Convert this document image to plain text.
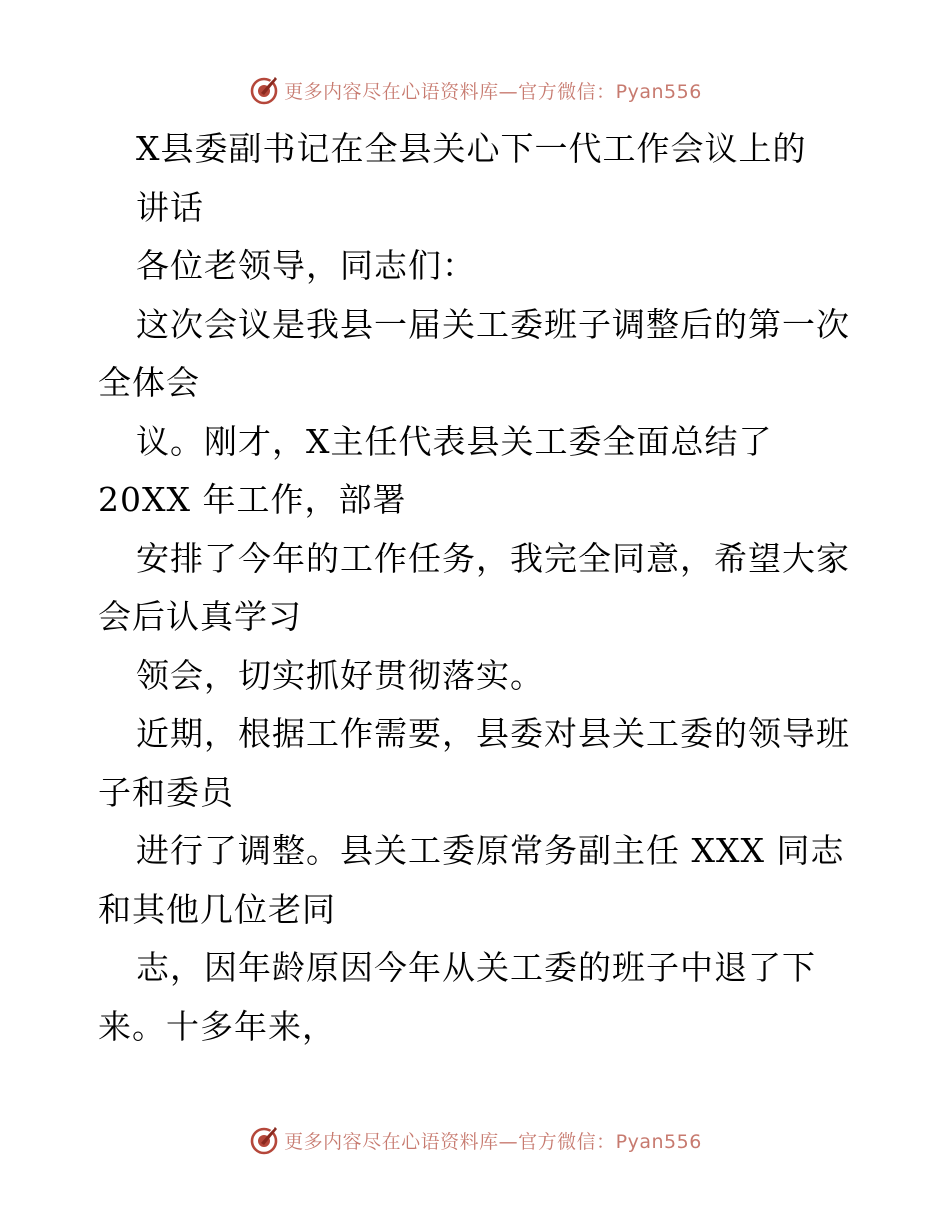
更多内容尽在心语资料库—官方微信：Pyan556
X县委副书记在全县关心下一代工作会议上的
讲话
各位老领导，同志们：
这次会议是我县一届关工委班子调整后的第一次
全体会
议。刚才，X主任代表县关工委全面总结了
20XX 年工作，部署
安排了今年的工作任务，我完全同意，希望大家
会后认真学习
领会，切实抓好贯彻落实。
近期，根据工作需要，县委对县关工委的领导班
子和委员
进行了调整。县关工委原常务副主任 XXX 同志
和其他几位老同
志，因年龄原因今年从关工委的班子中退了下
来。十多年来，
更多内容尽在心语资料库—官方微信：Pyan556
